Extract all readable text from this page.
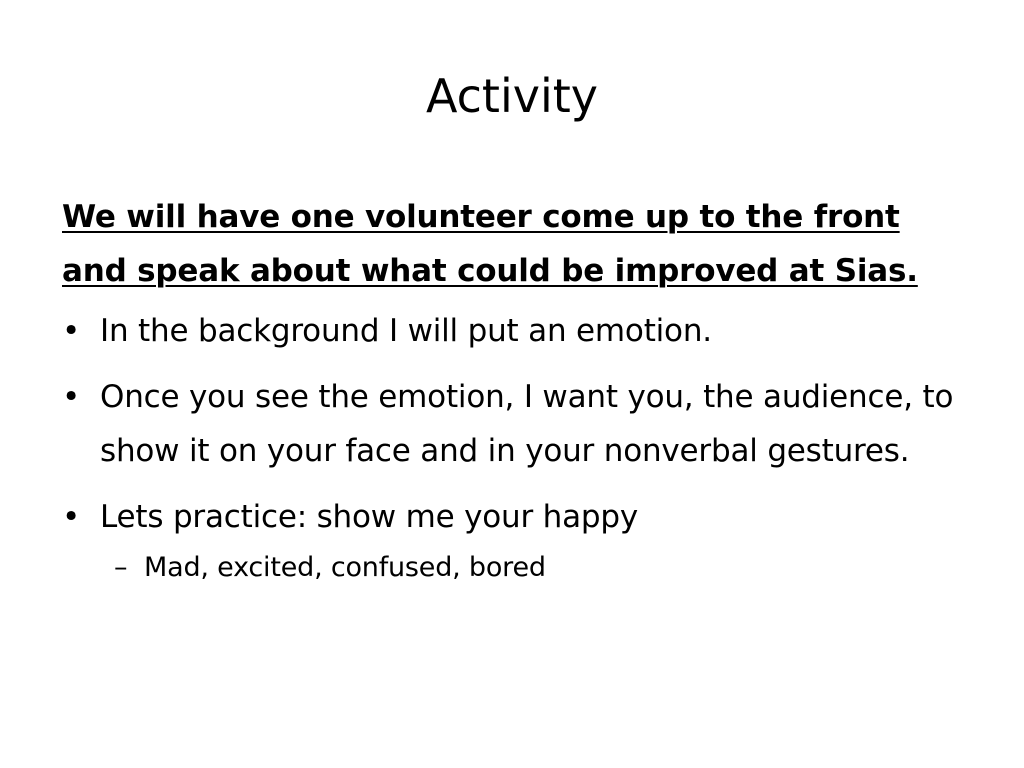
Activity

We will have one volunteer come up to the front and speak about what could be improved at Sias.

• In the background I will put an emotion.
• Once you see the emotion, I want you, the audience, to show it on your face and in your nonverbal gestures.
• Lets practice: show me your happy
– Mad, excited, confused, bored
